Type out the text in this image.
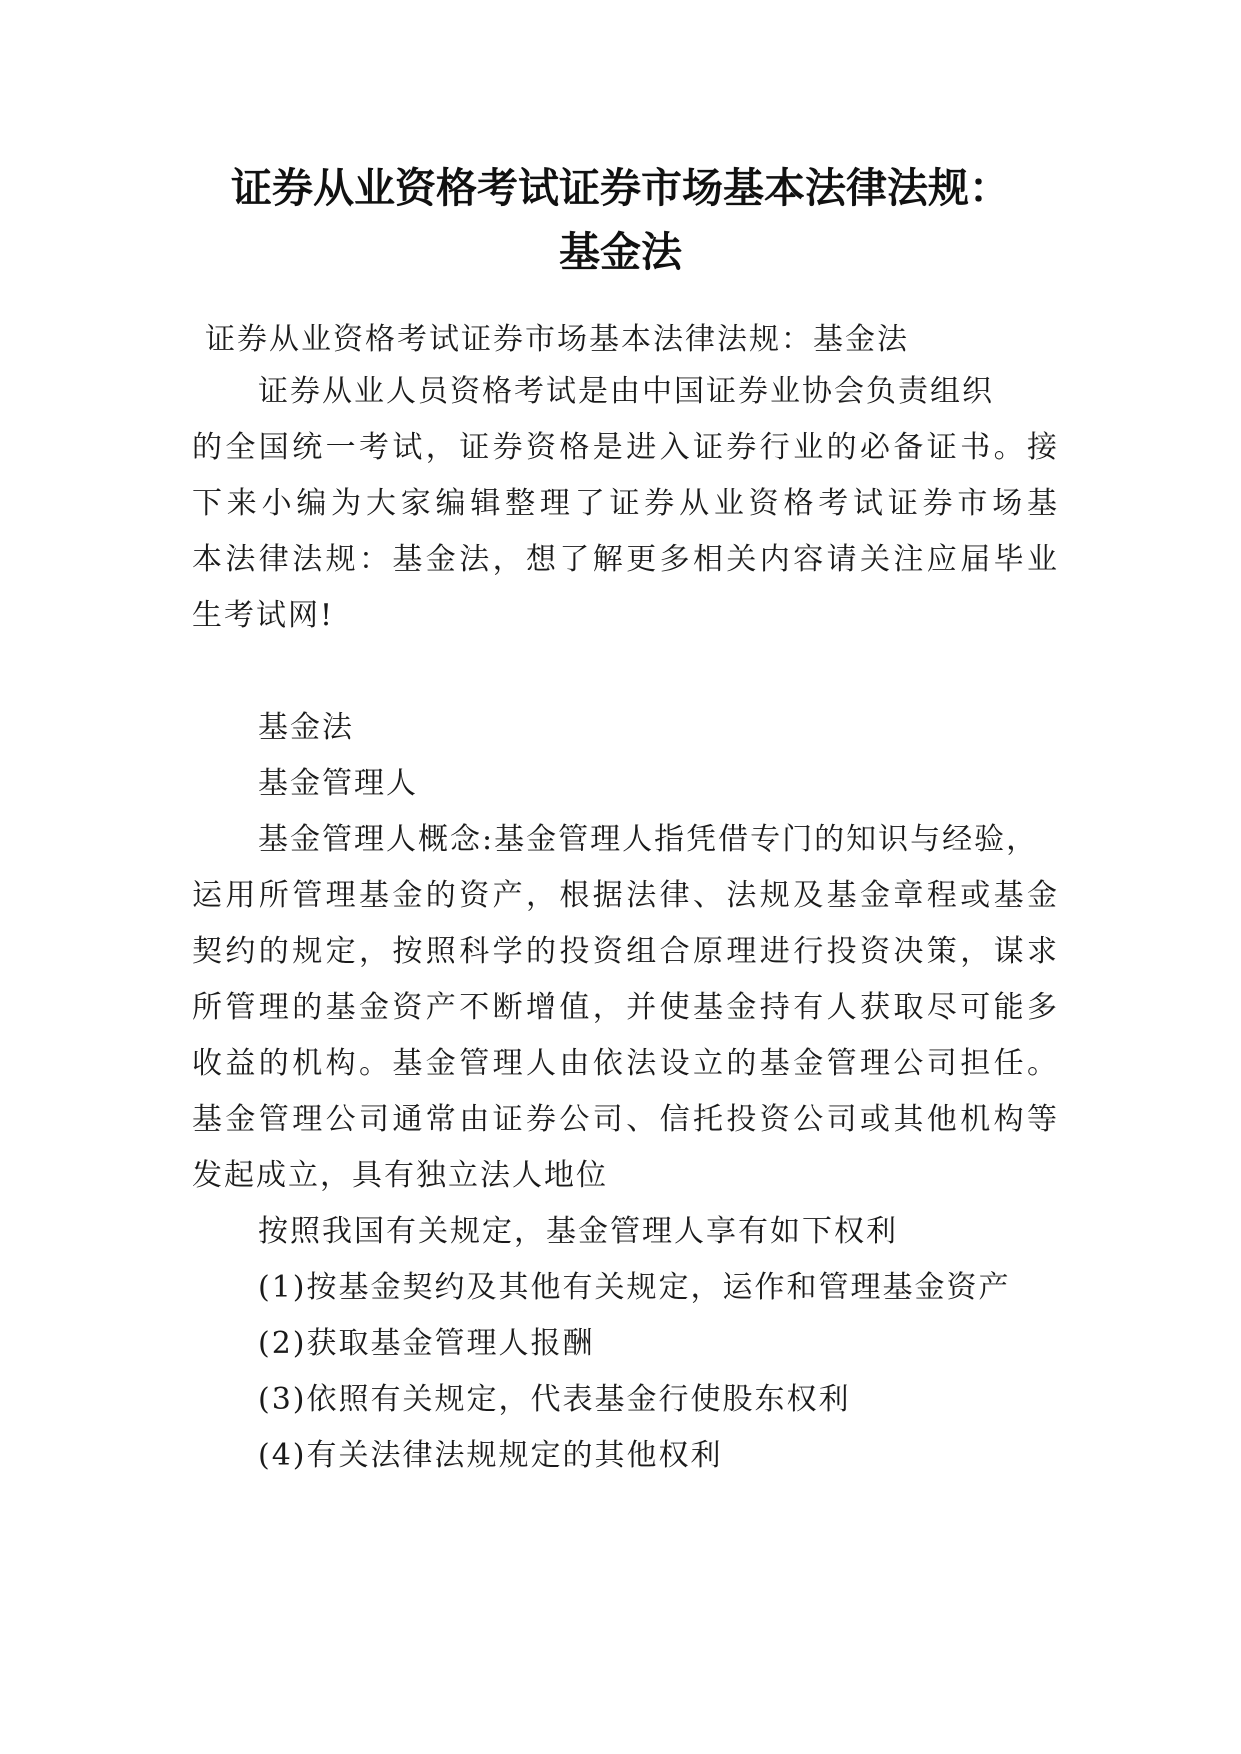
证券从业资格考试证券市场基本法律法规：
基金法

证券从业资格考试证券市场基本法律法规：基金法

证券从业人员资格考试是由中国证券业协会负责组织

的全国统一考试，证券资格是进入证券行业的必备证书。接

下来小编为大家编辑整理了证券从业资格考试证券市场基

本法律法规：基金法，想了解更多相关内容请关注应届毕业

生考试网!

基金法

基金管理人

基金管理人概念:基金管理人指凭借专门的知识与经验，

运用所管理基金的资产，根据法律、法规及基金章程或基金

契约的规定，按照科学的投资组合原理进行投资决策，谋求

所管理的基金资产不断增值，并使基金持有人获取尽可能多

收益的机构。基金管理人由依法设立的基金管理公司担任。

基金管理公司通常由证券公司、信托投资公司或其他机构等

发起成立，具有独立法人地位

按照我国有关规定，基金管理人享有如下权利

(1)按基金契约及其他有关规定，运作和管理基金资产

(2)获取基金管理人报酬

(3)依照有关规定，代表基金行使股东权利

(4)有关法律法规规定的其他权利
